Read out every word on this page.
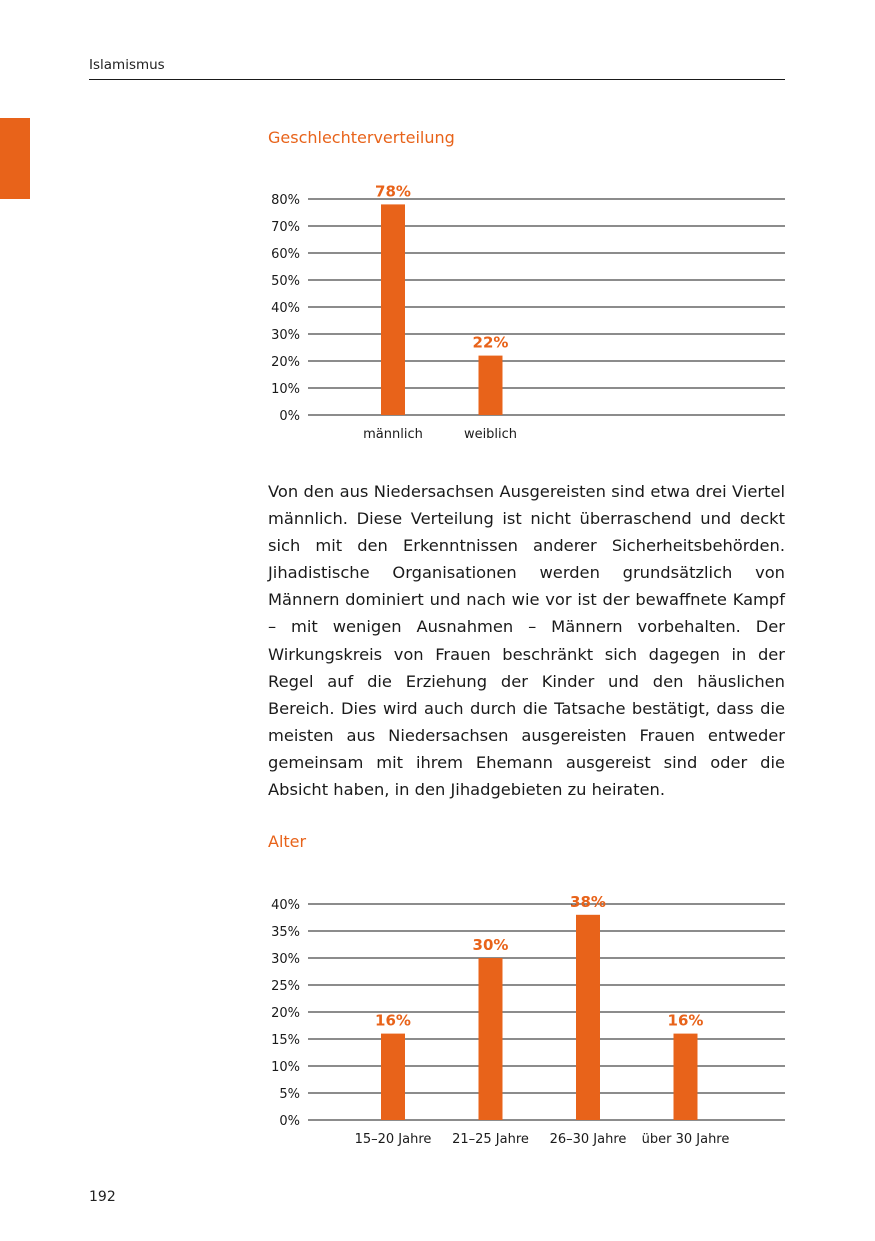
Islamismus
Geschlechterverteilung
0%
10%
20%
30%
40%
50%
60%
70%
80%
78%
männlich
22%
weiblich

Von den aus Niedersachsen Ausgereisten sind etwa drei Viertel männlich. Diese Verteilung ist nicht überraschend und deckt sich mit den Erkenntnissen anderer Sicherheitsbehörden. Jihadistische Organisationen werden grundsätzlich von Männern dominiert und nach wie vor ist der bewaffnete Kampf – mit wenigen Ausnahmen – Männern vorbehalten. Der Wirkungskreis von Frauen beschränkt sich dagegen in der Regel auf die Erziehung der Kinder und den häuslichen Bereich. Dies wird auch durch die Tatsache bestätigt, dass die meisten aus Niedersachsen ausgereisten Frauen entweder gemeinsam mit ihrem Ehemann ausgereist sind oder die Absicht haben, in den Jihadgebieten zu heiraten.

Alter
0%
5%
10%
15%
20%
25%
30%
35%
40%
16%
15–20 Jahre
30%
21–25 Jahre
38%
26–30 Jahre
16%
über 30 Jahre
192
